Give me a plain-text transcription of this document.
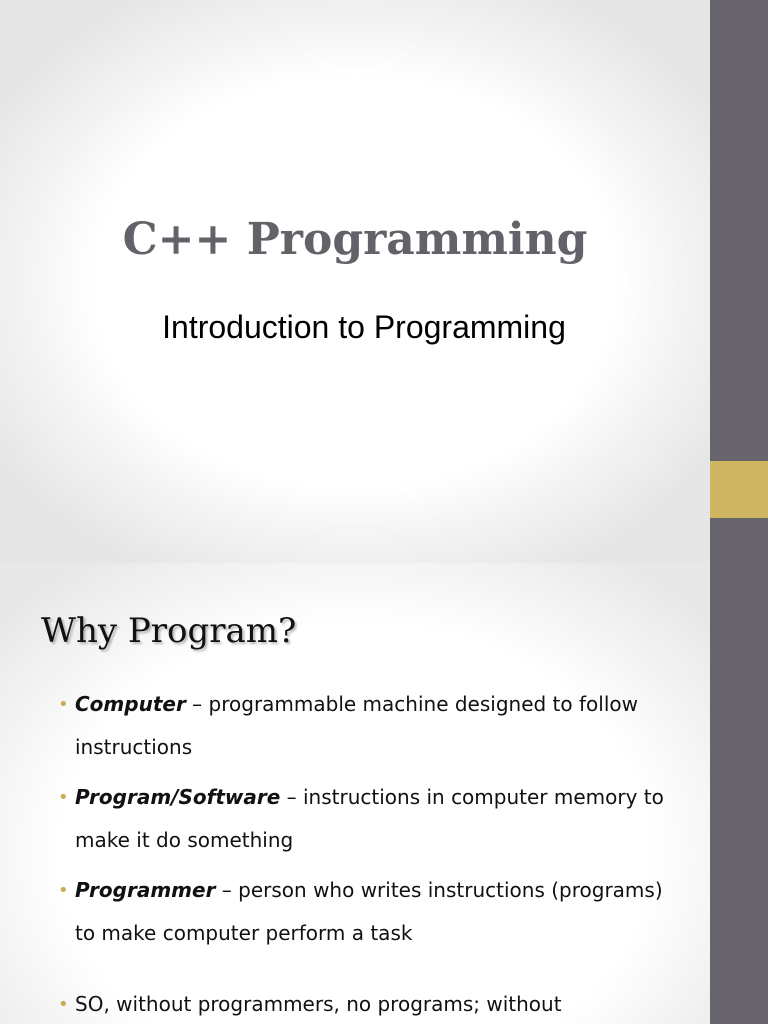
C++ Programming
Introduction to Programming
Why Program?
• Computer – programmable machine designed to follow instructions
• Program/Software – instructions in computer memory to make it do something
• Programmer – person who writes instructions (programs) to make computer perform a task
• SO, without programmers, no programs; without
